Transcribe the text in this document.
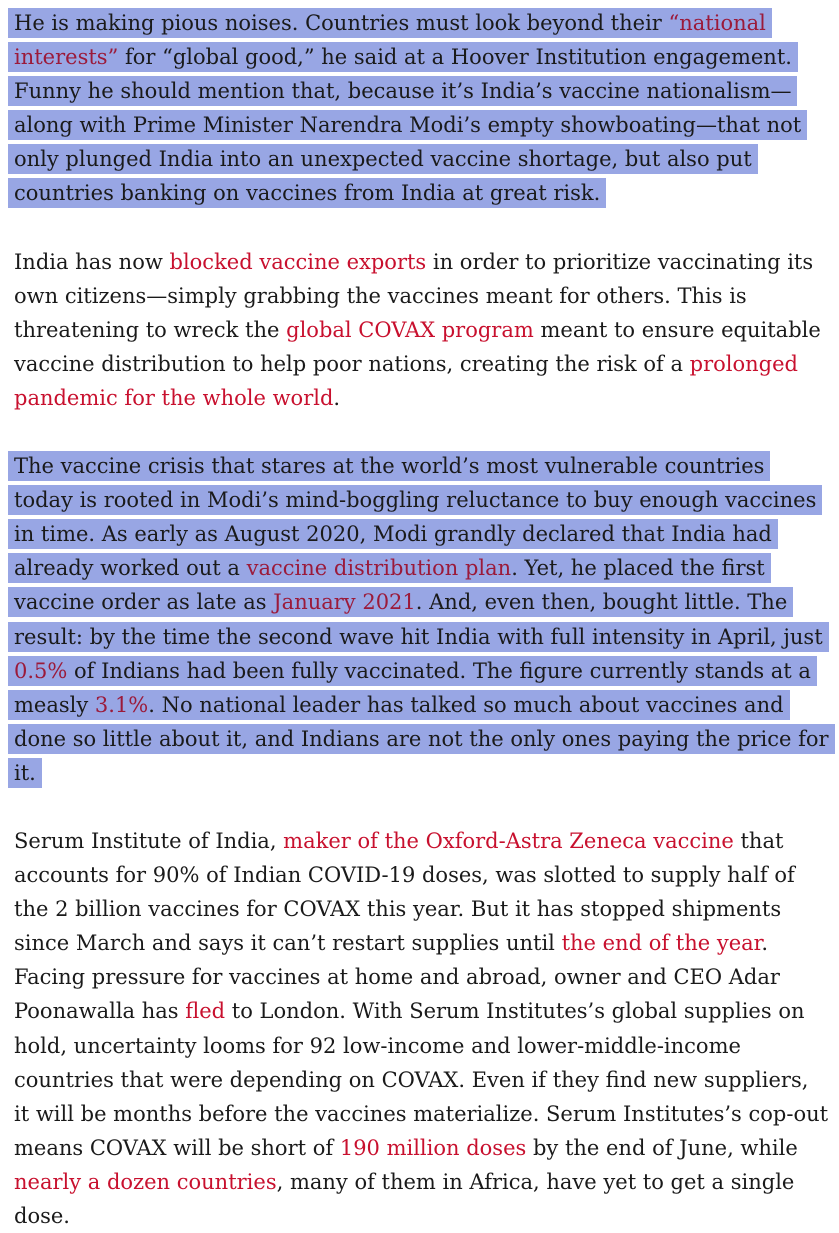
He is making pious noises. Countries must look beyond their “national interests” for “global good,” he said at a Hoover Institution engagement. Funny he should mention that, because it’s India’s vaccine nationalism—along with Prime Minister Narendra Modi’s empty showboating—that not only plunged India into an unexpected vaccine shortage, but also put countries banking on vaccines from India at great risk.

India has now blocked vaccine exports in order to prioritize vaccinating its own citizens—simply grabbing the vaccines meant for others. This is threatening to wreck the global COVAX program meant to ensure equitable vaccine distribution to help poor nations, creating the risk of a prolonged pandemic for the whole world.

The vaccine crisis that stares at the world’s most vulnerable countries today is rooted in Modi’s mind-boggling reluctance to buy enough vaccines in time. As early as August 2020, Modi grandly declared that India had already worked out a vaccine distribution plan. Yet, he placed the first vaccine order as late as January 2021. And, even then, bought little. The result: by the time the second wave hit India with full intensity in April, just 0.5% of Indians had been fully vaccinated. The figure currently stands at a measly 3.1%. No national leader has talked so much about vaccines and done so little about it, and Indians are not the only ones paying the price for it.

Serum Institute of India, maker of the Oxford-Astra Zeneca vaccine that accounts for 90% of Indian COVID-19 doses, was slotted to supply half of the 2 billion vaccines for COVAX this year. But it has stopped shipments since March and says it can’t restart supplies until the end of the year. Facing pressure for vaccines at home and abroad, owner and CEO Adar Poonawalla has fled to London. With Serum Institutes’s global supplies on hold, uncertainty looms for 92 low-income and lower-middle-income countries that were depending on COVAX. Even if they find new suppliers, it will be months before the vaccines materialize. Serum Institutes’s cop-out means COVAX will be short of 190 million doses by the end of June, while nearly a dozen countries, many of them in Africa, have yet to get a single dose.
